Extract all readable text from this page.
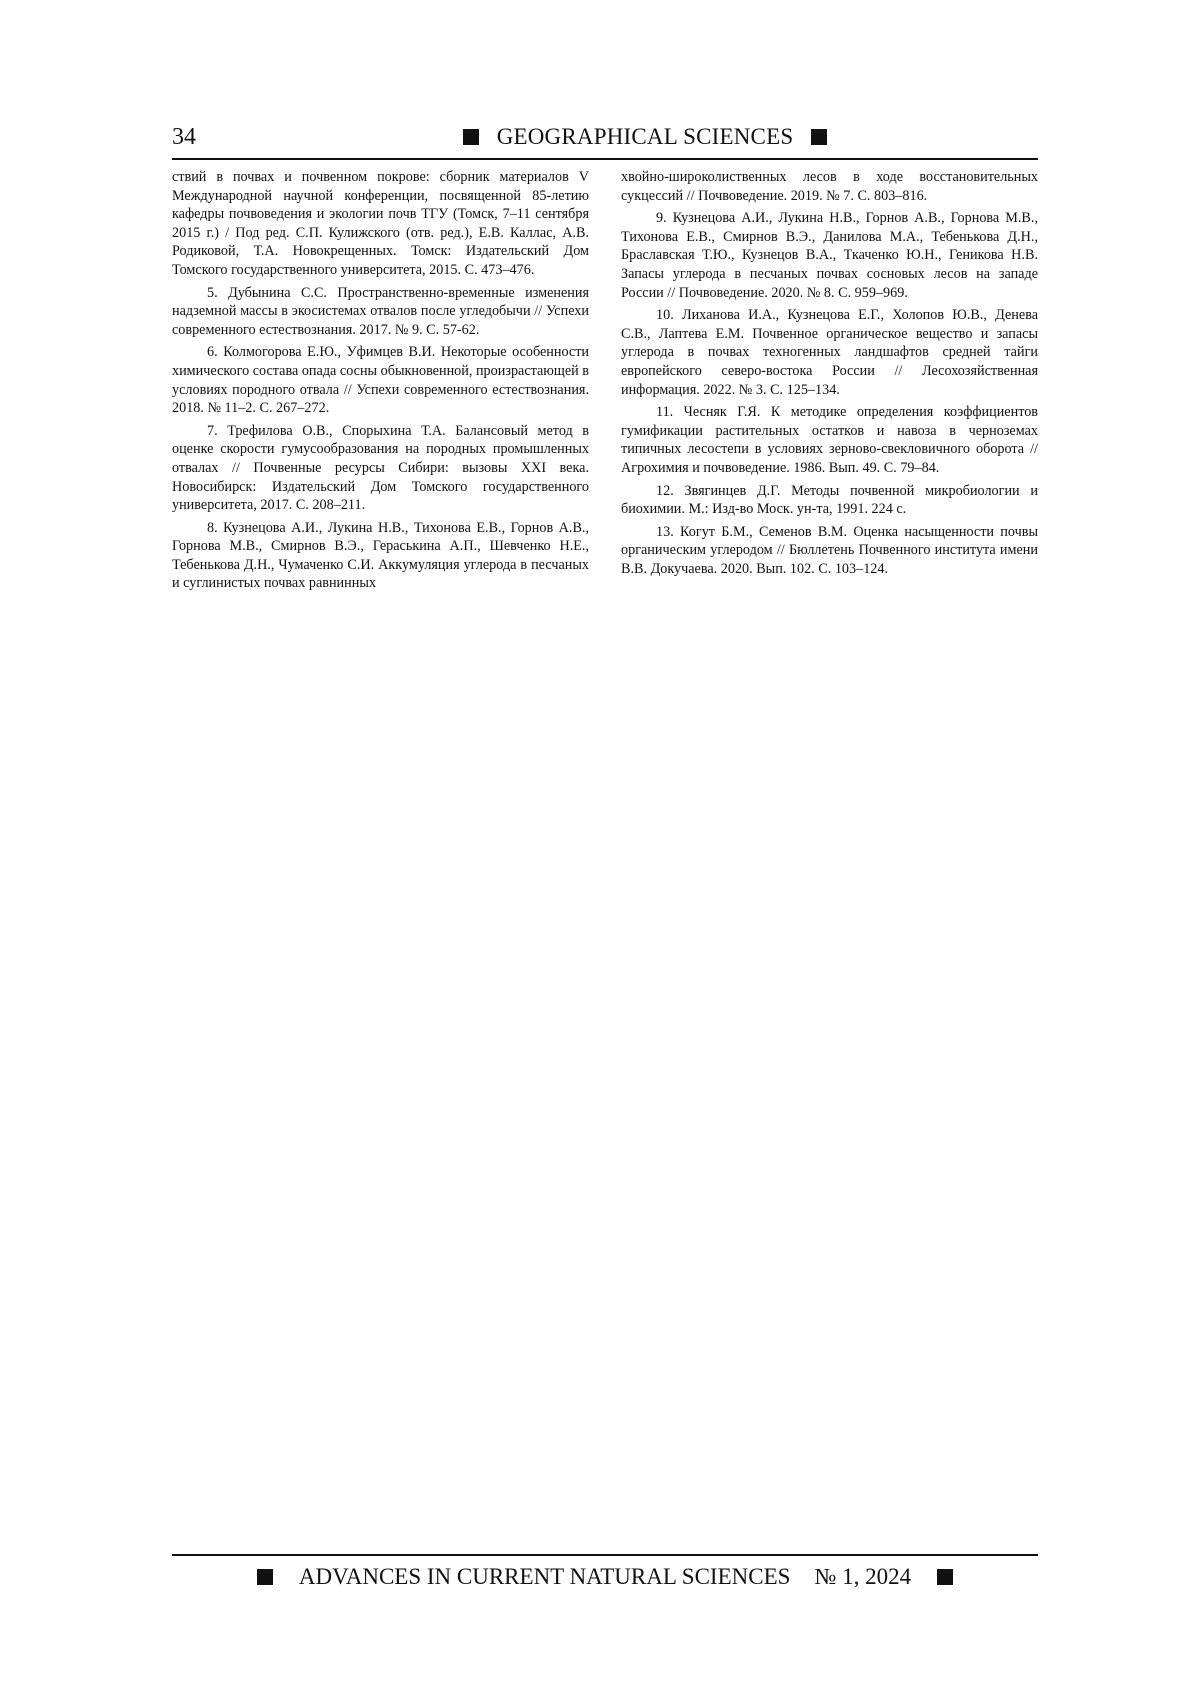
34	GEOGRAPHICAL SCIENCES

ствий в почвах и почвенном покрове: сборник материалов V Международной научной конференции, посвященной 85-летию кафедры почвоведения и экологии почв ТГУ (Томск, 7–11 сентября 2015 г.) / Под ред. С.П. Кулижского (отв. ред.), Е.В. Каллас, А.В. Родиковой, Т.А. Новокрещенных. Томск: Издательский Дом Томского государственного университета, 2015. С. 473–476.

5. Дубынина С.С. Пространственно-временные изменения надземной массы в экосистемах отвалов после угледобычи // Успехи современного естествознания. 2017. № 9. С. 57-62.

6. Колмогорова Е.Ю., Уфимцев В.И. Некоторые особенности химического состава опада сосны обыкновенной, произрастающей в условиях породного отвала // Успехи современного естествознания. 2018. № 11–2. С. 267–272.

7. Трефилова О.В., Спорыхина Т.А. Балансовый метод в оценке скорости гумусообразования на породных промышленных отвалах // Почвенные ресурсы Сибири: вызовы XXI века. Новосибирск: Издательский Дом Томского государственного университета, 2017. С. 208–211.

8. Кузнецова А.И., Лукина Н.В., Тихонова Е.В., Горнов А.В., Горнова М.В., Смирнов В.Э., Гераськина А.П., Шевченко Н.Е., Тебенькова Д.Н., Чумаченко С.И. Аккумуляция углерода в песчаных и суглинистых почвах равнинных

хвойно-широколиственных лесов в ходе восстановительных сукцессий // Почвоведение. 2019. № 7. С. 803–816.

9. Кузнецова А.И., Лукина Н.В., Горнов А.В., Горнова М.В., Тихонова Е.В., Смирнов В.Э., Данилова М.А., Тебенькова Д.Н., Браславская Т.Ю., Кузнецов В.А., Ткаченко Ю.Н., Геникова Н.В. Запасы углерода в песчаных почвах сосновых лесов на западе России // Почвоведение. 2020. № 8. С. 959–969.

10. Лиханова И.А., Кузнецова Е.Г., Холопов Ю.В., Денева С.В., Лаптева Е.М. Почвенное органическое вещество и запасы углерода в почвах техногенных ландшафтов средней тайги европейского северо-востока России // Лесохозяйственная информация. 2022. № 3. С. 125–134.

11. Чесняк Г.Я. К методике определения коэффициентов гумификации растительных остатков и навоза в черноземах типичных лесостепи в условиях зерново-свекловичного оборота // Агрохимия и почвоведение. 1986. Вып. 49. С. 79–84.

12. Звягинцев Д.Г. Методы почвенной микробиологии и биохимии. М.: Изд-во Моск. ун-та, 1991. 224 с.

13. Когут Б.М., Семенов В.М. Оценка насыщенности почвы органическим углеродом // Бюллетень Почвенного института имени В.В. Докучаева. 2020. Вып. 102. С. 103–124.

ADVANCES IN CURRENT NATURAL SCIENCES № 1, 2024
